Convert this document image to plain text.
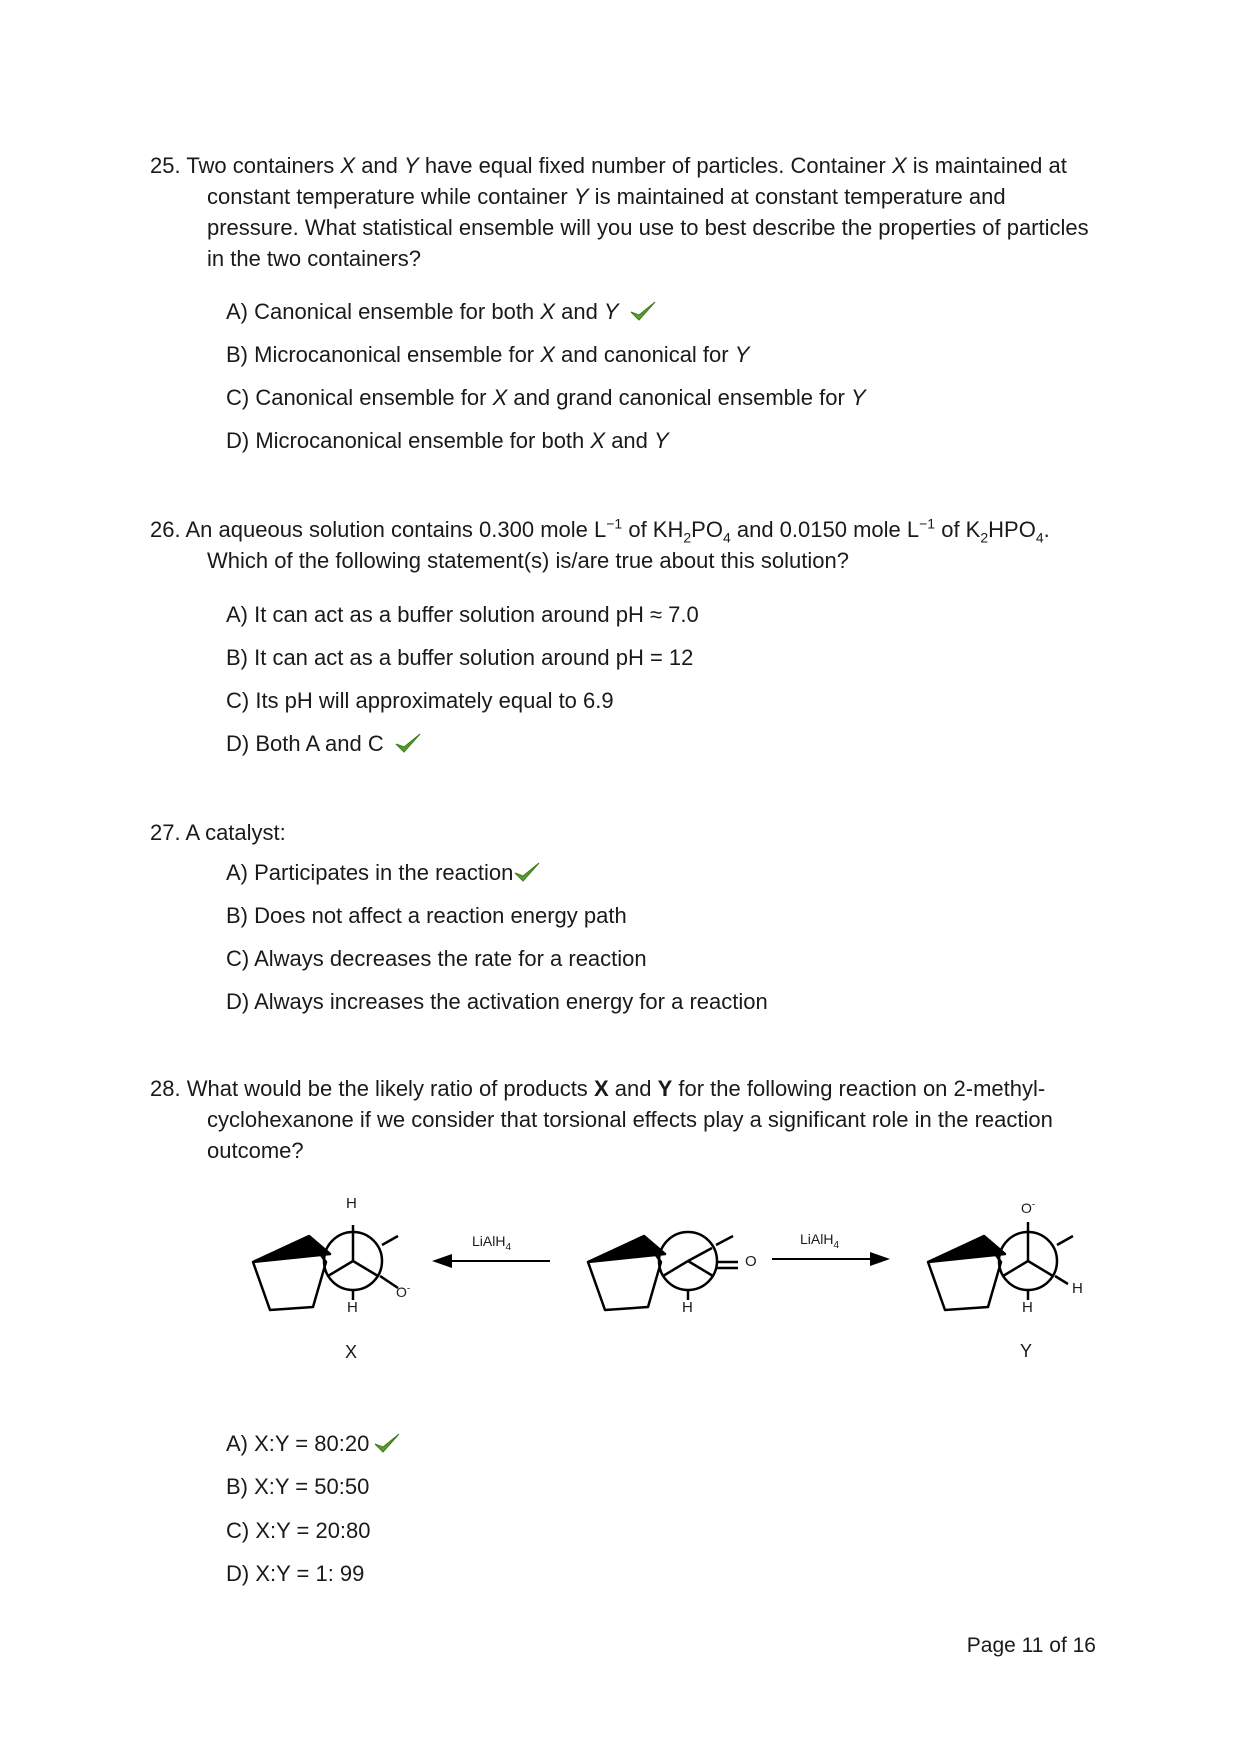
25. Two containers X and Y have equal fixed number of particles. Container X is maintained at constant temperature while container Y is maintained at constant temperature and pressure. What statistical ensemble will you use to best describe the properties of particles in the two containers?
A) Canonical ensemble for both X and Y
B) Microcanonical ensemble for X and canonical for Y
C) Canonical ensemble for X and grand canonical ensemble for Y
D) Microcanonical ensemble for both X and Y
26. An aqueous solution contains 0.300 mole $L^{-1}$ of $KH_2PO_4$ and 0.0150 mole $L^{-1}$ of $K_2HPO_4$. Which of the following statement(s) is/are true about this solution?
A) It can act as a buffer solution around pH ≈ 7.0
B) It can act as a buffer solution around pH = 12
C) Its pH will approximately equal to 6.9
D) Both A and C
27. A catalyst:
A) Participates in the reaction
B) Does not affect a reaction energy path
C) Always decreases the rate for a reaction
D) Always increases the activation energy for a reaction
28. What would be the likely ratio of products X and Y for the following reaction on 2-methyl-cyclohexanone if we consider that torsional effects play a significant role in the reaction outcome?
H
H
O-
X
LiAlH$_4$
O
H
LiAlH$_4$
O-
H
H
Y
A) X:Y = 80:20
B) X:Y = 50:50
C) X:Y = 20:80
D) X:Y = 1: 99
Page 11 of 16
